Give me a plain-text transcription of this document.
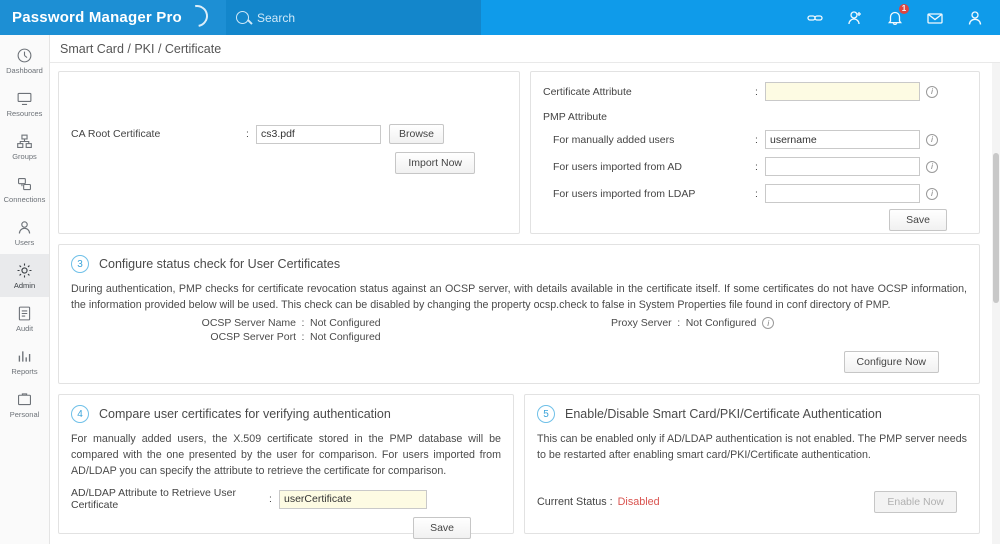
Password Manager Pro	Search
1
Dashboard
Resources
Groups
Connections
Users
Admin
Audit
Reports
Personal
Smart Card / PKI / Certificate
CA Root Certificate	:
cs3.pdf	Browse
Import Now
Certificate Attribute	:	i
PMP Attribute
For manually added users	:
username	i
For users imported from AD	:	i
For users imported from LDAP	:	i
Save
3	Configure status check for User Certificates
During authentication, PMP checks for certificate revocation status against an OCSP server, with details available in the certificate itself. If some certificates do not have OCSP information, the information provided below will be used. This check can be disabled by changing the property ocsp.check to false in System Properties file found in conf directory of PMP.
OCSP Server Name : Not Configured
OCSP Server Port : Not Configured
Proxy Server : Not Configured	i
Configure Now
4	Compare user certificates for verifying authentication
For manually added users, the X.509 certificate stored in the PMP database will be compared with the one presented by the user for comparison. For users imported from AD/LDAP you can specify the attribute to retrieve the certificate for comparison.
AD/LDAP Attribute to Retrieve User Certificate	:
userCertificate
Save
5	Enable/Disable Smart Card/PKI/Certificate Authentication
This can be enabled only if AD/LDAP authentication is not enabled. The PMP server needs to be restarted after enabling smart card/PKI/Certificate authentication.
Current Status : Disabled	Enable Now
